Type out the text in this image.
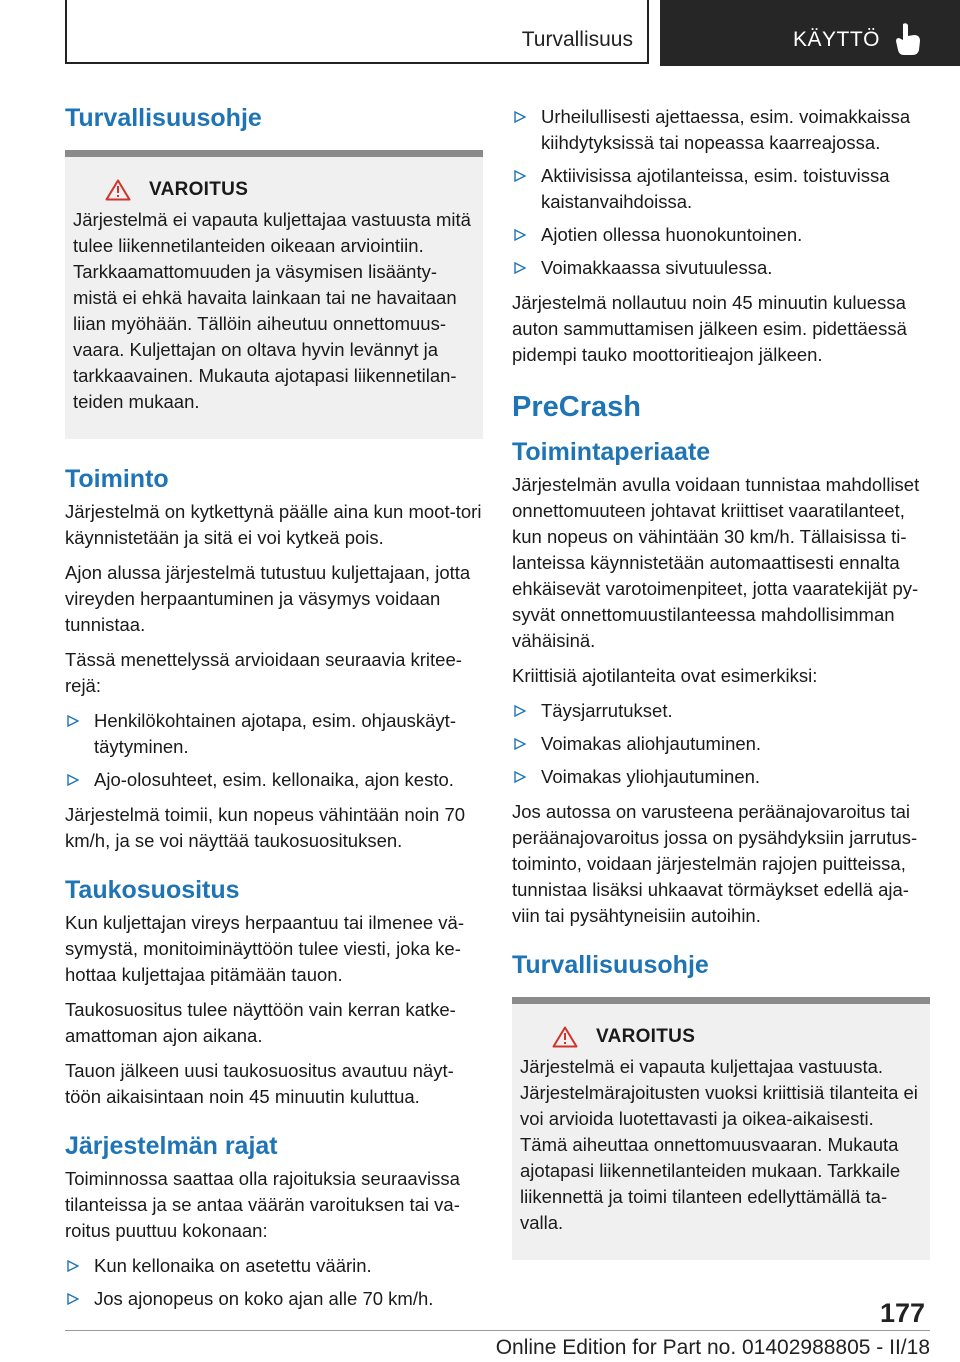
Turvallisuus	KÄYTTÖ
Turvallisuusohje
VAROITUS

Järjestelmä ei vapauta kuljettajaa vastuusta mitä tulee liikennetilanteiden oikeaan arviointiin. Tarkkaamattomuuden ja väsymisen lisäänty‐mistä ei ehkä havaita lainkaan tai ne havaitaan liian myöhään. Tällöin aiheutuu onnettomuus‐vaara. Kuljettajan on oltava hyvin levännyt ja tarkkaavainen. Mukauta ajotapasi liikennetilan‐teiden mukaan.

Toiminto

Järjestelmä on kytkettynä päälle aina kun moot‐tori käynnistetään ja sitä ei voi kytkeä pois.

Ajon alussa järjestelmä tutustuu kuljettajaan, jotta vireyden herpaantuminen ja väsymys voidaan tunnistaa.

Tässä menettelyssä arvioidaan seuraavia kritee‐rejä:

Henkilökohtainen ajotapa, esim. ohjauskäyt‐täytyminen.
Ajo-olosuhteet, esim. kellonaika, ajon kesto.

Järjestelmä toimii, kun nopeus vähintään noin 70 km/h, ja se voi näyttää taukosuosituksen.

Taukosuositus

Kun kuljettajan vireys herpaantuu tai ilmenee vä‐symystä, monitoiminäyttöön tulee viesti, joka ke‐hottaa kuljettajaa pitämään tauon.

Taukosuositus tulee näyttöön vain kerran katke‐amattoman ajon aikana.

Tauon jälkeen uusi taukosuositus avautuu näyt‐töön aikaisintaan noin 45 minuutin kuluttua.

Järjestelmän rajat

Toiminnossa saattaa olla rajoituksia seuraavissa tilanteissa ja se antaa väärän varoituksen tai va‐roitus puuttuu kokonaan:

Kun kellonaika on asetettu väärin.
Jos ajonopeus on koko ajan alle 70 km/h.
Urheilullisesti ajettaessa, esim. voimakkaissa kiihdytyksissä tai nopeassa kaarreajossa.
Aktiivisissa ajotilanteissa, esim. toistuvissa kaistanvaihdoissa.
Ajotien ollessa huonokuntoinen.
Voimakkaassa sivutuulessa.

Järjestelmä nollautuu noin 45 minuutin kuluessa auton sammuttamisen jälkeen esim. pidettäessä pidempi tauko moottoritieajon jälkeen.

PreCrash
Toimintaperiaate

Järjestelmän avulla voidaan tunnistaa mahdolliset onnettomuuteen johtavat kriittiset vaaratilanteet, kun nopeus on vähintään 30 km/h. Tällaisissa ti‐lanteissa käynnistetään automaattisesti ennalta ehkäisevät varotoimenpiteet, jotta vaaratekijät py‐syvät onnettomuustilanteessa mahdollisimman vähäisinä.

Kriittisiä ajotilanteita ovat esimerkiksi:

Täysjarrutukset.
Voimakas aliohjautuminen.
Voimakas yliohjautuminen.

Jos autossa on varusteena peräänajovaroitus tai peräänajovaroitus jossa on pysähdyksiin jarrutus‐toiminto, voidaan järjestelmän rajojen puitteissa, tunnistaa lisäksi uhkaavat törmäykset edellä aja‐viin tai pysähtyneisiin autoihin.

Turvallisuusohje
VAROITUS

Järjestelmä ei vapauta kuljettajaa vastuusta. Järjestelmärajoitusten vuoksi kriittisiä tilanteita ei voi arvioida luotettavasti ja oikea-aikaisesti. Tämä aiheuttaa onnettomuusvaaran. Mukauta ajotapasi liikennetilanteiden mukaan. Tarkkaile liikennettä ja toimi tilanteen edellyttämällä ta‐valla.

177
Online Edition for Part no. 01402988805 - II/18
